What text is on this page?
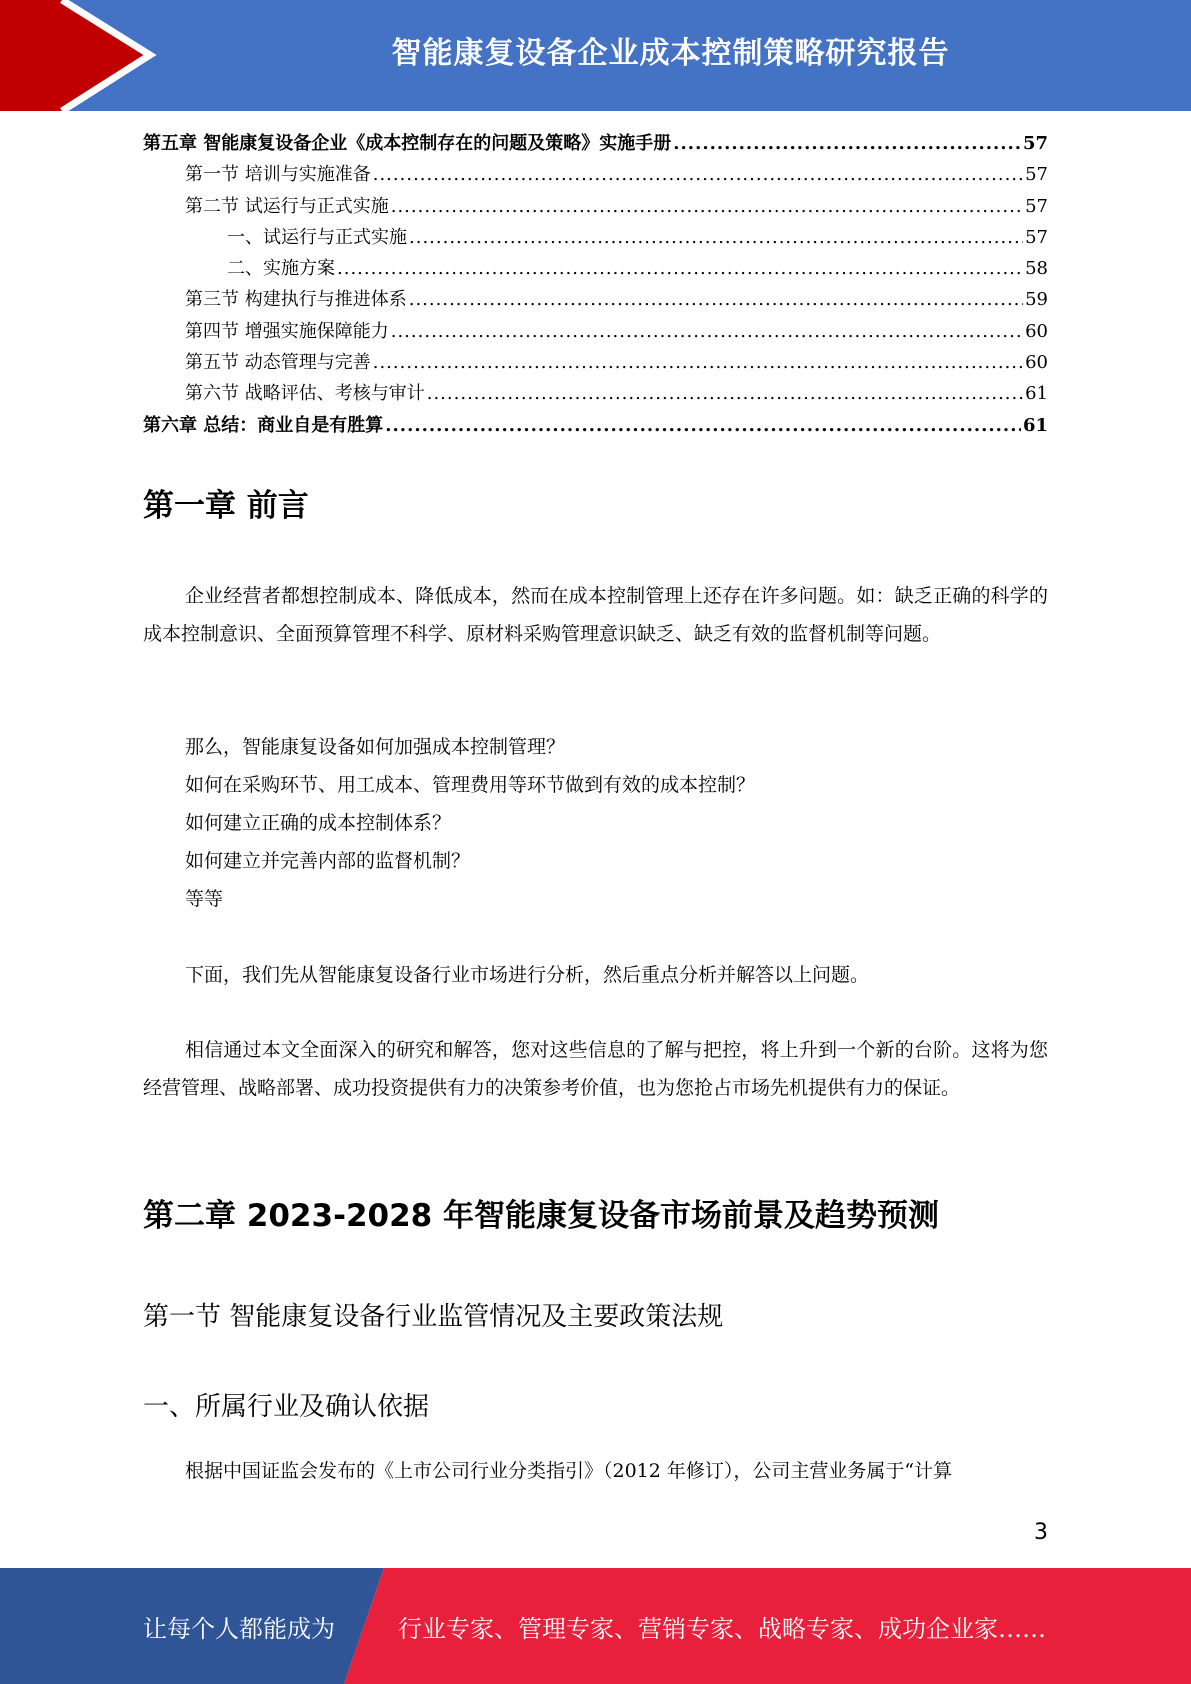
智能康复设备企业成本控制策略研究报告
第五章 智能康复设备企业《成本控制存在的问题及策略》实施手册 .....	57
第一节 培训与实施准备 .....	57
第二节 试运行与正式实施 .....	57
一、试运行与正式实施 .....	57
二、实施方案 .....	58
第三节 构建执行与推进体系 .....	59
第四节 增强实施保障能力 .....	60
第五节 动态管理与完善 .....	60
第六节 战略评估、考核与审计 .....	61
第六章 总结：商业自是有胜算 .....	61
第一章 前言

企业经营者都想控制成本、降低成本，然而在成本控制管理上还存在许多问题。如：缺乏正确的科学的成本控制意识、全面预算管理不科学、原材料采购管理意识缺乏、缺乏有效的监督机制等问题。

那么，智能康复设备如何加强成本控制管理？
如何在采购环节、用工成本、管理费用等环节做到有效的成本控制？
如何建立正确的成本控制体系？
如何建立并完善内部的监督机制？
等等

下面，我们先从智能康复设备行业市场进行分析，然后重点分析并解答以上问题。

相信通过本文全面深入的研究和解答，您对这些信息的了解与把控，将上升到一个新的台阶。这将为您经营管理、战略部署、成功投资提供有力的决策参考价值，也为您抢占市场先机提供有力的保证。

第二章 2023-2028 年智能康复设备市场前景及趋势预测
第一节 智能康复设备行业监管情况及主要政策法规
一、所属行业及确认依据

根据中国证监会发布的《上市公司行业分类指引》（2012 年修订），公司主营业务属于“计算

3
让每个人都能成为	行业专家、管理专家、营销专家、战略专家、成功企业家……
